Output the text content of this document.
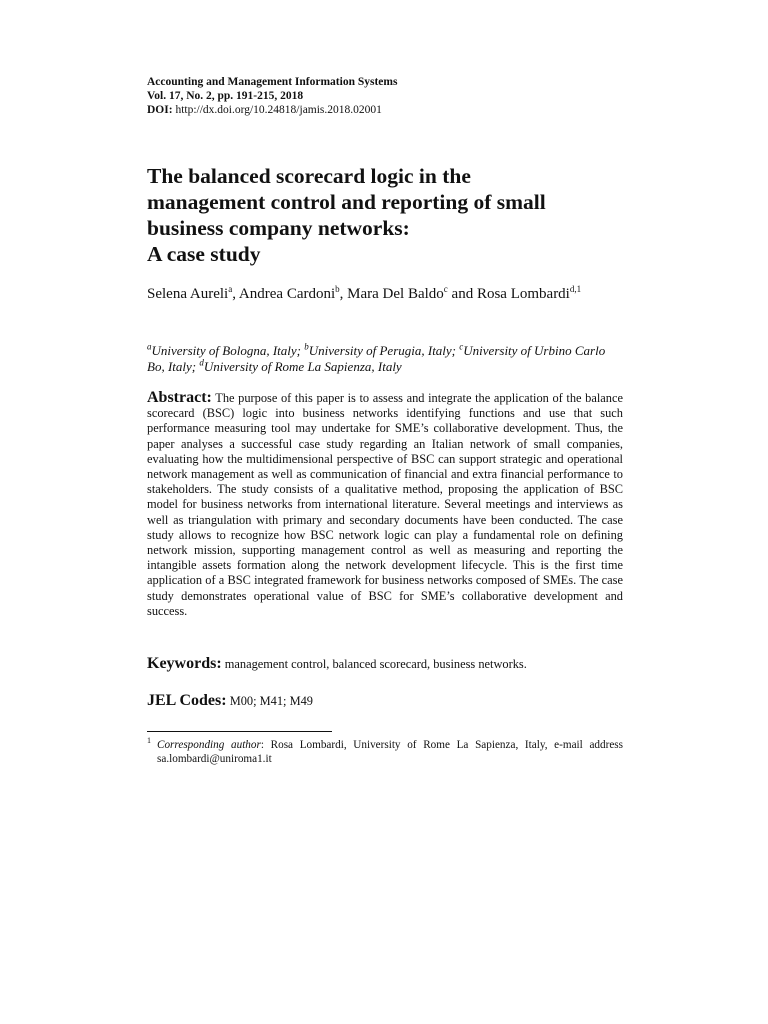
Accounting and Management Information Systems
Vol. 17, No. 2, pp. 191-215, 2018
DOI: http://dx.doi.org/10.24818/jamis.2018.02001
The balanced scorecard logic in the
management control and reporting of small
business company networks:
A case study
Selena Aureli$^a$, Andrea Cardoni$^b$, Mara Del Baldo$^c$ and Rosa Lombardi$^{d,1}$
$^a$University of Bologna, Italy; $^b$University of Perugia, Italy; $^c$University of Urbino Carlo Bo, Italy; $^d$University of Rome La Sapienza, Italy
Abstract: The purpose of this paper is to assess and integrate the application of the balance scorecard (BSC) logic into business networks identifying functions and use that such performance measuring tool may undertake for SME’s collaborative development. Thus, the paper analyses a successful case study regarding an Italian network of small companies, evaluating how the multidimensional perspective of BSC can support strategic and operational network management as well as communication of financial and extra financial performance to stakeholders. The study consists of a qualitative method, proposing the application of BSC model for business networks from international literature. Several meetings and interviews as well as triangulation with primary and secondary documents have been conducted. The case study allows to recognize how BSC network logic can play a fundamental role on defining network mission, supporting management control as well as measuring and reporting the intangible assets formation along the network development lifecycle. This is the first time application of a BSC integrated framework for business networks composed of SMEs. The case study demonstrates operational value of BSC for SME’s collaborative development and success.
Keywords: management control, balanced scorecard, business networks.
JEL Codes: M00; M41; M49
$^1$ Corresponding author: Rosa Lombardi, University of Rome La Sapienza, Italy, e-mail address sa.lombardi@uniroma1.it
